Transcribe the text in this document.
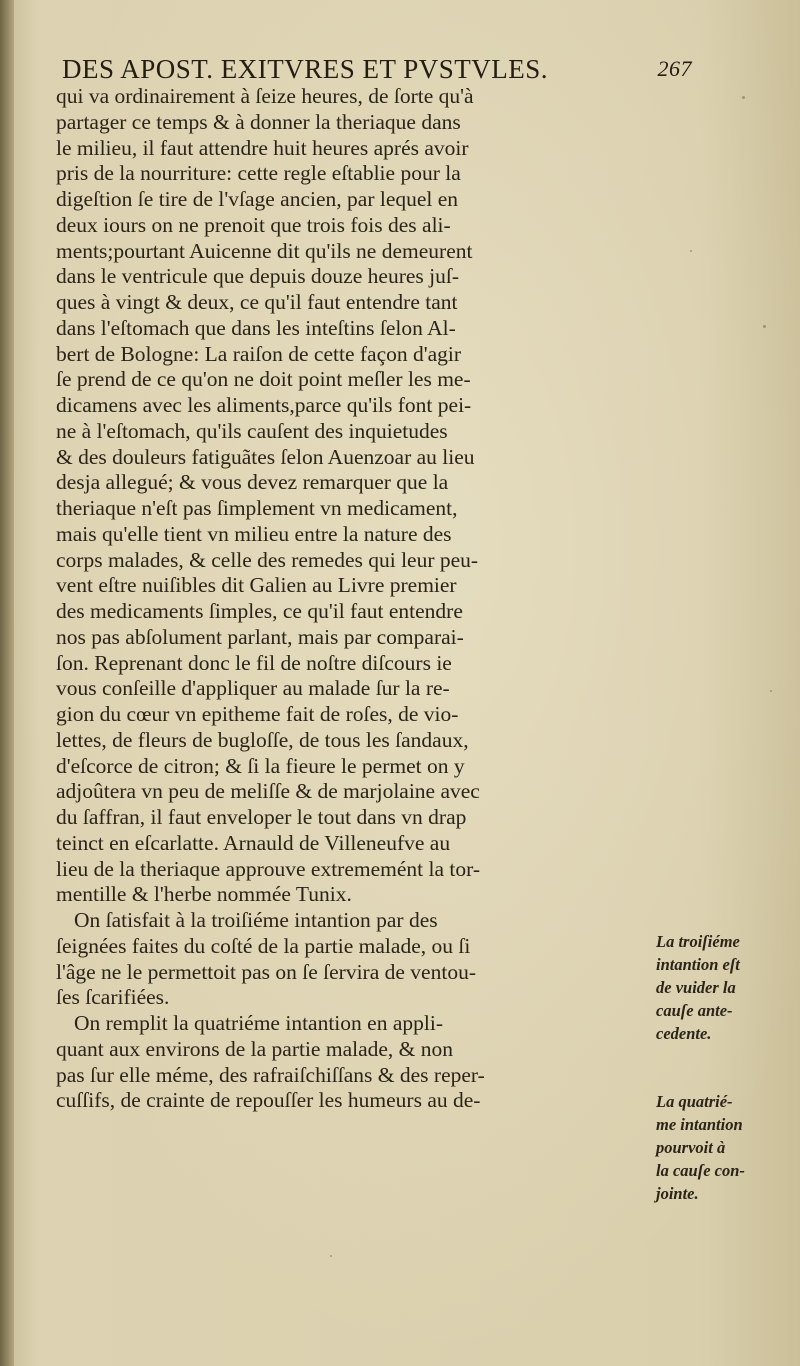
DES APOST. EXITVRES ET PVSTVLES.	267
qui va ordinairement à ſeize heures, de ſorte qu'à
partager ce temps & à donner la theriaque dans
le milieu, il faut attendre huit heures aprés avoir
pris de la nourriture: cette regle eſtablie pour la
digeſtion ſe tire de l'vſage ancien, par lequel en
deux iours on ne prenoit que trois fois des ali-
ments;pourtant Auicenne dit qu'ils ne demeurent
dans le ventricule que depuis douze heures juſ-
ques à vingt & deux, ce qu'il faut entendre tant
dans l'eſtomach que dans les inteſtins ſelon Al-
bert de Bologne: La raiſon de cette façon d'agir
ſe prend de ce qu'on ne doit point meſler les me-
dicamens avec les aliments,parce qu'ils font pei-
ne à l'eſtomach, qu'ils cauſent des inquietudes
& des douleurs fatiguãtes ſelon Auenzoar au lieu
desja allegué; & vous devez remarquer que la
theriaque n'eſt pas ſimplement vn medicament,
mais qu'elle tient vn milieu entre la nature des
corps malades, & celle des remedes qui leur peu-
vent eſtre nuiſibles dit Galien au Livre premier
des medicaments ſimples, ce qu'il faut entendre
nos pas abſolument parlant, mais par comparai-
ſon. Reprenant donc le fil de noſtre diſcours ie
vous conſeille d'appliquer au malade ſur la re-
gion du cœur vn epitheme fait de roſes, de vio-
lettes, de fleurs de bugloſſe, de tous les ſandaux,
d'eſcorce de citron; & ſi la fieure le permet on y
adjoûtera vn peu de meliſſe & de marjolaine avec
du ſaffran, il faut enveloper le tout dans vn drap
teinct en eſcarlatte. Arnauld de Villeneufve au
lieu de la theriaque approuve extrememént la tor-
mentille & l'herbe nommée Tunix.
On ſatisfait à la troiſiéme intantion par des
ſeignées faites du coſté de la partie malade, ou ſi
l'âge ne le permettoit pas on ſe ſervira de ventou-
ſes ſcarifiées.
On remplit la quatriéme intantion en appli-
quant aux environs de la partie malade, & non
pas ſur elle méme, des rafraiſchiſſans & des reper-
cuſſifs, de crainte de repouſſer les humeurs au de-
La troiſiéme
intantion eſt
de vuider la
cauſe ante-
cedente.
La quatrié-
me intantion
pourvoit à
la cauſe con-
jointe.
